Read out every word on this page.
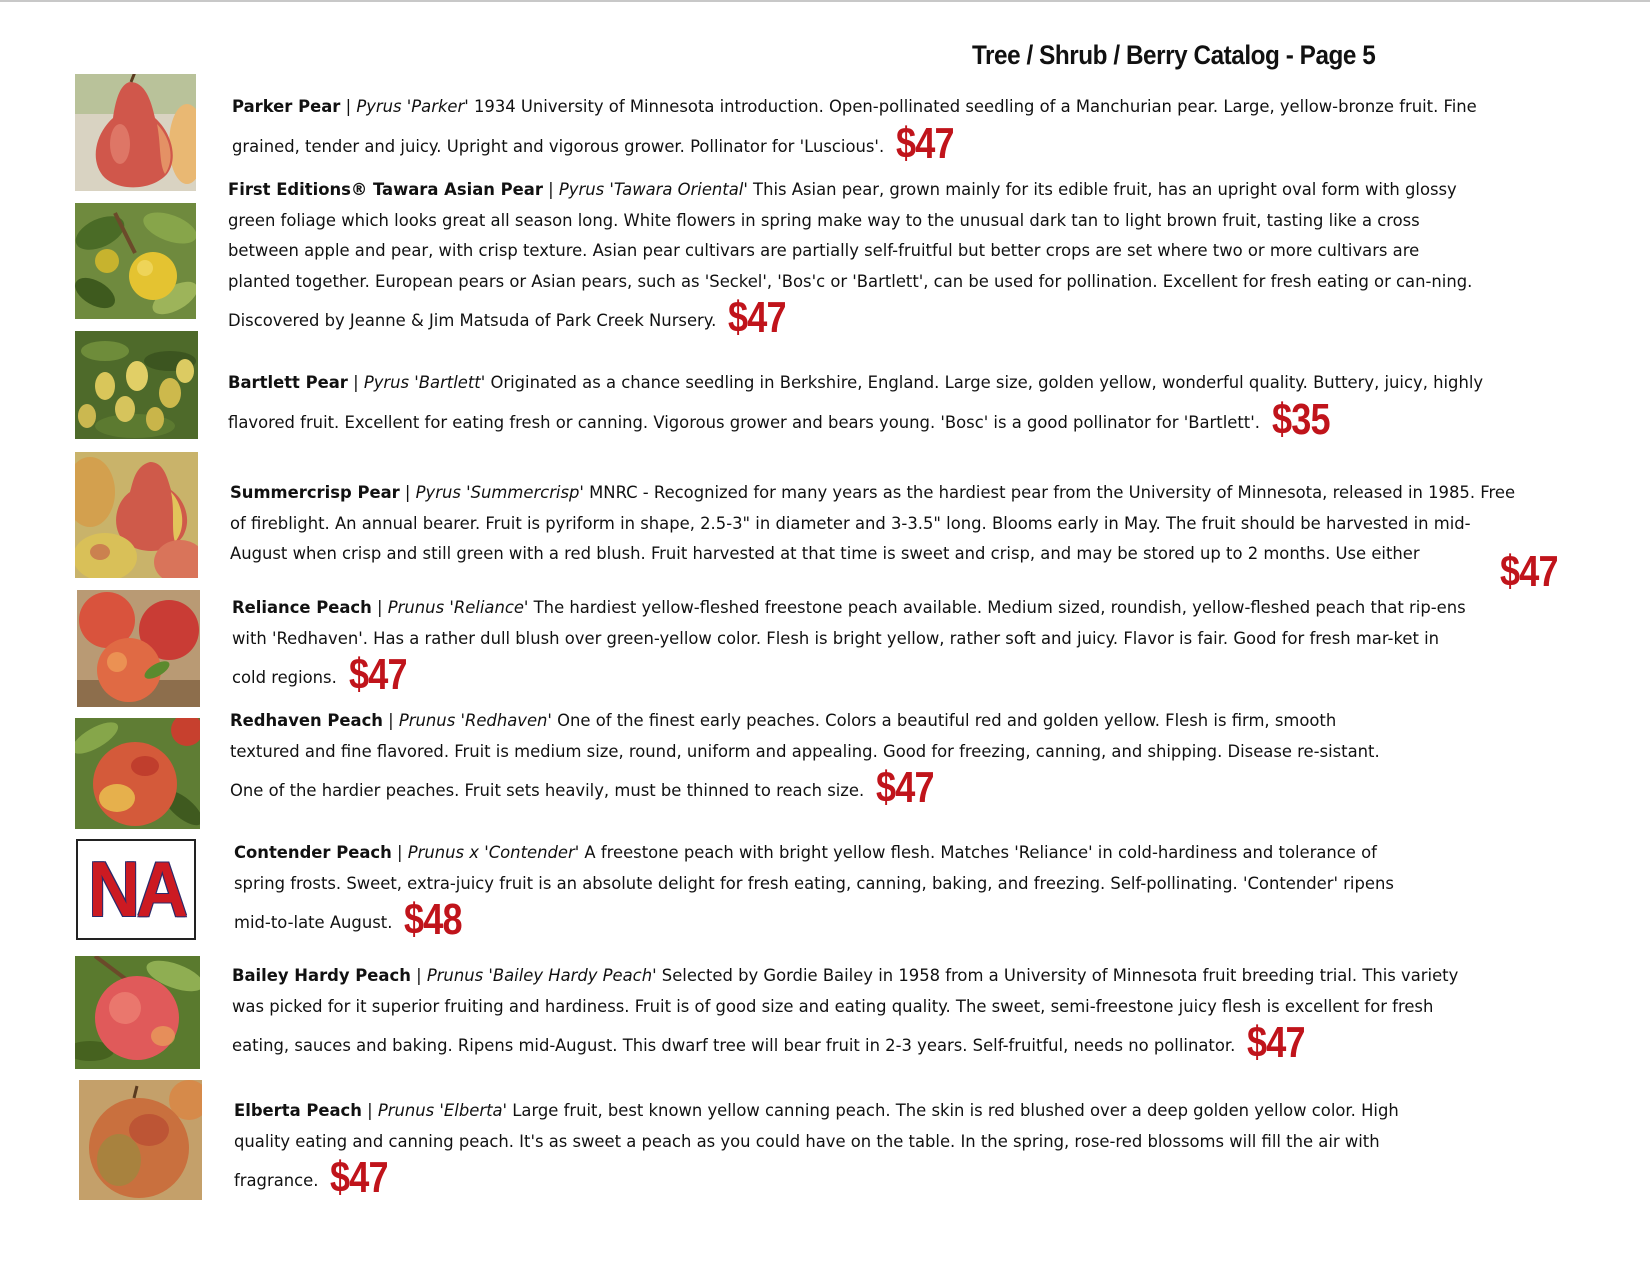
Tree / Shrub / Berry Catalog - Page 5
NA

Parker Pear | Pyrus 'Parker' 1934 University of Minnesota introduction. Open-pollinated seedling of a Manchurian pear. Large, yellow-bronze fruit. Fine grained, tender and juicy. Upright and vigorous grower. Pollinator for 'Luscious'. $47

First Editions® Tawara Asian Pear | Pyrus 'Tawara Oriental' This Asian pear, grown mainly for its edible fruit, has an upright oval form with glossy green foliage which looks great all season long. White flowers in spring make way to the unusual dark tan to light brown fruit, tasting like a cross between apple and pear, with crisp texture. Asian pear cultivars are partially self-fruitful but better crops are set where two or more cultivars are planted together. European pears or Asian pears, such as 'Seckel', 'Bos'c or 'Bartlett', can be used for pollination. Excellent for fresh eating or can-ning. Discovered by Jeanne & Jim Matsuda of Park Creek Nursery. $47

Bartlett Pear | Pyrus 'Bartlett' Originated as a chance seedling in Berkshire, England. Large size, golden yellow, wonderful quality. Buttery, juicy, highly flavored fruit. Excellent for eating fresh or canning. Vigorous grower and bears young. 'Bosc' is a good pollinator for 'Bartlett'. $35

Summercrisp Pear | Pyrus 'Summercrisp' MNRC - Recognized for many years as the hardiest pear from the University of Minnesota, released in 1985. Free of fireblight. An annual bearer. Fruit is pyriform in shape, 2.5-3" in diameter and 3-3.5" long. Blooms early in May. The fruit should be harvested in mid-August when crisp and still green with a red blush. Fruit harvested at that time is sweet and crisp, and may be stored up to 2 months. Use either	$47

Reliance Peach | Prunus 'Reliance' The hardiest yellow-fleshed freestone peach available. Medium sized, roundish, yellow-fleshed peach that rip-ens with 'Redhaven'. Has a rather dull blush over green-yellow color. Flesh is bright yellow, rather soft and juicy. Flavor is fair. Good for fresh mar-ket in cold regions. $47

Redhaven Peach | Prunus 'Redhaven' One of the finest early peaches. Colors a beautiful red and golden yellow. Flesh is firm, smooth textured and fine flavored. Fruit is medium size, round, uniform and appealing. Good for freezing, canning, and shipping. Disease re-sistant. One of the hardier peaches. Fruit sets heavily, must be thinned to reach size. $47

Contender Peach | Prunus x 'Contender' A freestone peach with bright yellow flesh. Matches 'Reliance' in cold-hardiness and tolerance of spring frosts. Sweet, extra-juicy fruit is an absolute delight for fresh eating, canning, baking, and freezing. Self-pollinating. 'Contender' ripens mid-to-late August. $48

Bailey Hardy Peach | Prunus 'Bailey Hardy Peach' Selected by Gordie Bailey in 1958 from a University of Minnesota fruit breeding trial. This variety was picked for it superior fruiting and hardiness. Fruit is of good size and eating quality. The sweet, semi-freestone juicy flesh is excellent for fresh eating, sauces and baking. Ripens mid-August. This dwarf tree will bear fruit in 2-3 years. Self-fruitful, needs no pollinator. $47

Elberta Peach | Prunus 'Elberta' Large fruit, best known yellow canning peach. The skin is red blushed over a deep golden yellow color. High quality eating and canning peach. It's as sweet a peach as you could have on the table. In the spring, rose-red blossoms will fill the air with fragrance. $47
